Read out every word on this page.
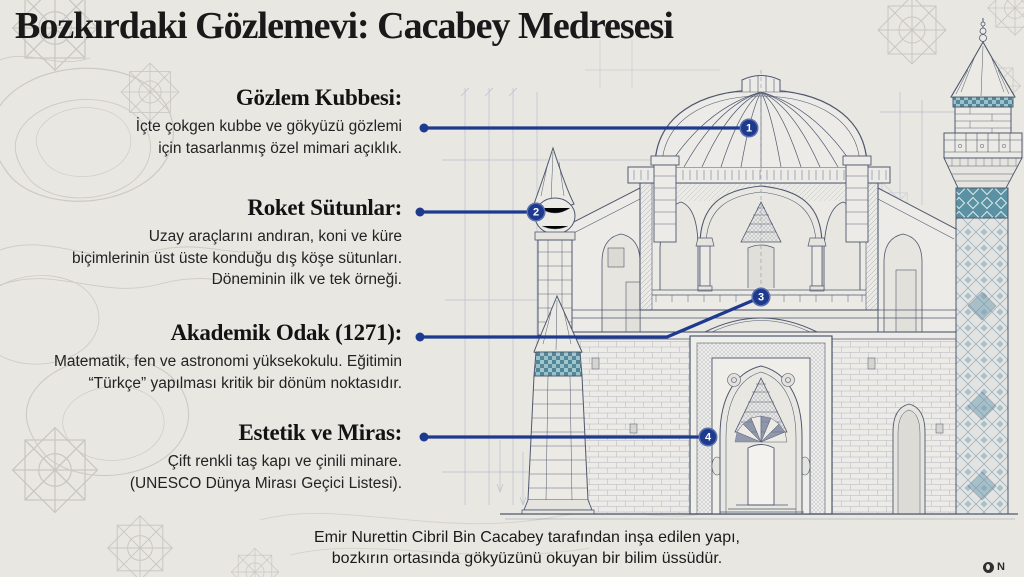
Bozkırdaki Gözlemevi: Cacabey Medresesi
Gözlem Kubbesi:

İçte çokgen kubbe ve gökyüzü gözlemi
için tasarlanmış özel mimari açıklık.

Roket Sütunlar:

Uzay araçlarını andıran, koni ve küre
biçimlerinin üst üste konduğu dış köşe sütunları.
Döneminin ilk ve tek örneği.

Akademik Odak (1271):

Matematik, fen ve astronomi yüksekokulu. Eğitimin
“Türkçe” yapılması kritik bir dönüm noktasıdır.

Estetik ve Miras:

Çift renkli taş kapı ve çinili minare.
(UNESCO Dünya Mirası Geçici Listesi).

1
2
3
4

Emir Nurettin Cibril Bin Cacabey tarafından inşa edilen yapı,
bozkırın ortasında gökyüzünü okuyan bir bilim üssüdür.	N
